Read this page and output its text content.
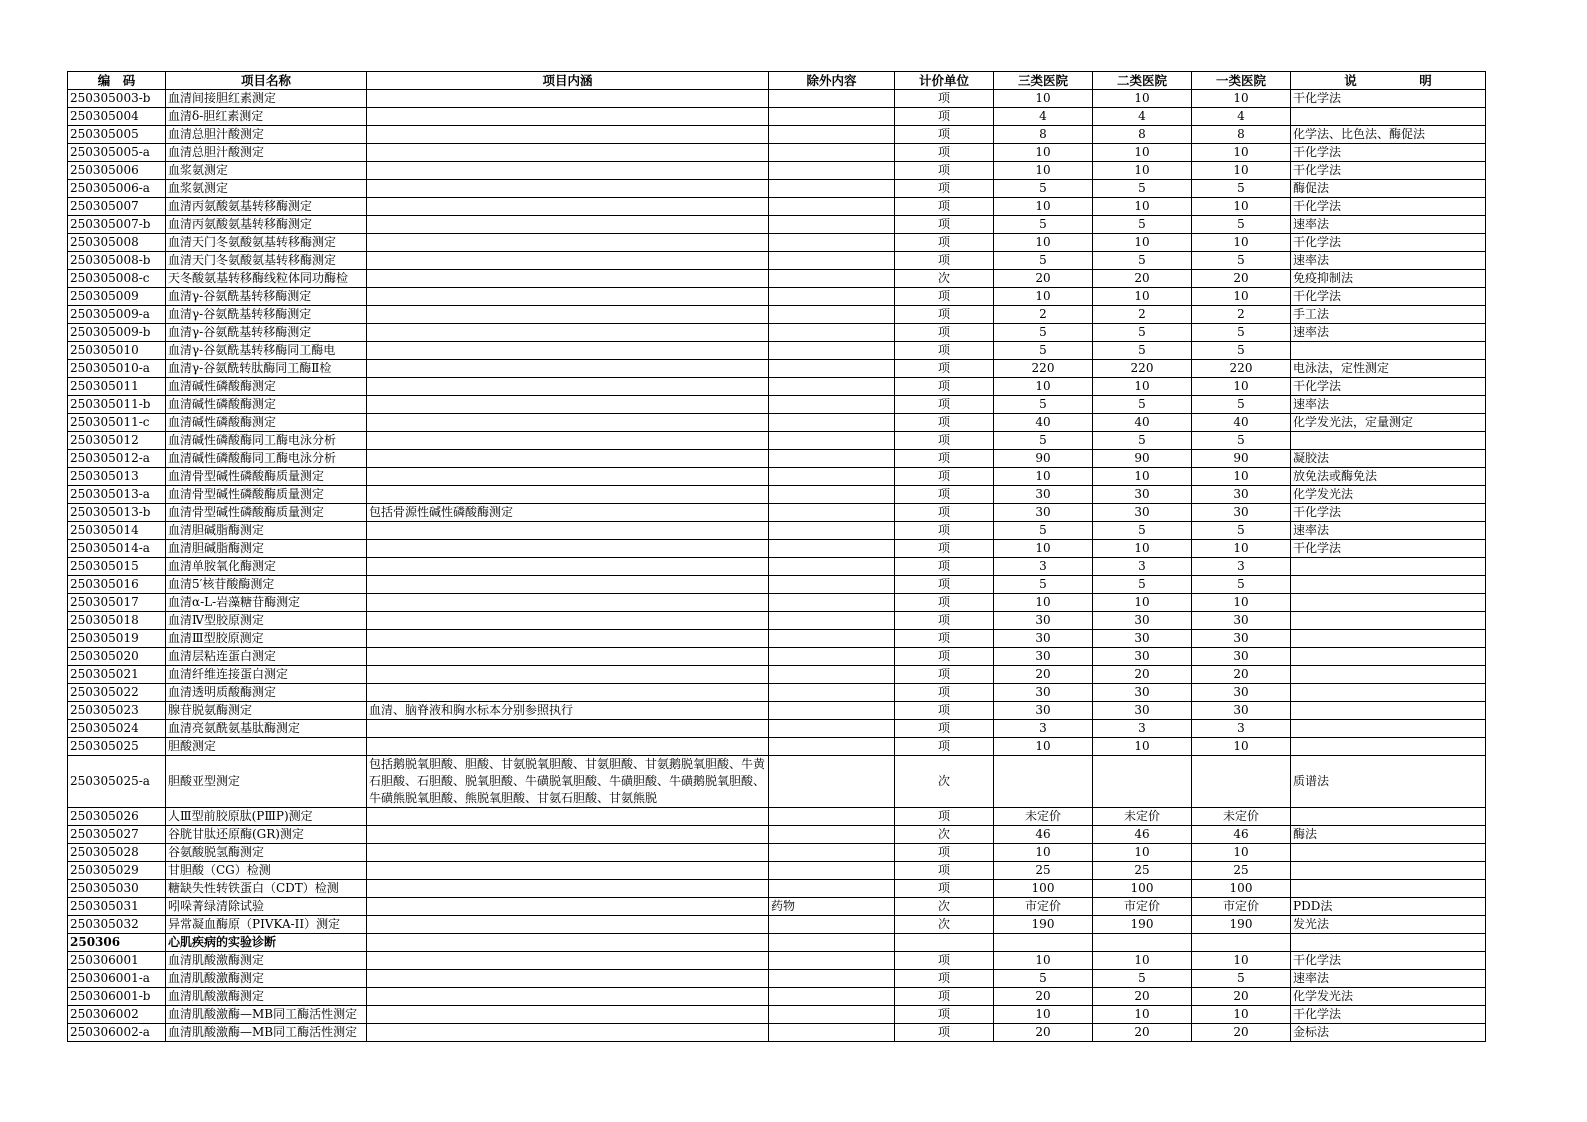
编　码	项目名称	项目内涵	除外内容	计价单位	三类医院	二类医院	一类医院	说　　　　　明
250305003-b	血清间接胆红素测定			项	10	10	10	干化学法
250305004	血清δ-胆红素测定			项	4	4	4	
250305005	血清总胆汁酸测定			项	8	8	8	化学法、比色法、酶促法
250305005-a	血清总胆汁酸测定			项	10	10	10	干化学法
250305006	血浆氨测定			项	10	10	10	干化学法
250305006-a	血浆氨测定			项	5	5	5	酶促法
250305007	血清丙氨酸氨基转移酶测定			项	10	10	10	干化学法
250305007-b	血清丙氨酸氨基转移酶测定			项	5	5	5	速率法
250305008	血清天门冬氨酸氨基转移酶测定			项	10	10	10	干化学法
250305008-b	血清天门冬氨酸氨基转移酶测定			项	5	5	5	速率法
250305008-c	天冬酸氨基转移酶线粒体同功酶检			次	20	20	20	免疫抑制法
250305009	血清γ-谷氨酰基转移酶测定			项	10	10	10	干化学法
250305009-a	血清γ-谷氨酰基转移酶测定			项	2	2	2	手工法
250305009-b	血清γ-谷氨酰基转移酶测定			项	5	5	5	速率法
250305010	血清γ-谷氨酰基转移酶同工酶电			项	5	5	5	
250305010-a	血清γ-谷氨酰转肽酶同工酶Ⅱ检			项	220	220	220	电泳法，定性测定
250305011	血清碱性磷酸酶测定			项	10	10	10	干化学法
250305011-b	血清碱性磷酸酶测定			项	5	5	5	速率法
250305011-c	血清碱性磷酸酶测定			项	40	40	40	化学发光法，定量测定
250305012	血清碱性磷酸酶同工酶电泳分析			项	5	5	5	
250305012-a	血清碱性磷酸酶同工酶电泳分析			项	90	90	90	凝胶法
250305013	血清骨型碱性磷酸酶质量测定			项	10	10	10	放免法或酶免法
250305013-a	血清骨型碱性磷酸酶质量测定			项	30	30	30	化学发光法
250305013-b	血清骨型碱性磷酸酶质量测定	包括骨源性碱性磷酸酶测定		项	30	30	30	干化学法
250305014	血清胆碱脂酶测定			项	5	5	5	速率法
250305014-a	血清胆碱脂酶测定			项	10	10	10	干化学法
250305015	血清单胺氧化酶测定			项	3	3	3	
250305016	血清5′核苷酸酶测定			项	5	5	5	
250305017	血清α-L-岩藻糖苷酶测定			项	10	10	10	
250305018	血清Ⅳ型胶原测定			项	30	30	30	
250305019	血清Ⅲ型胶原测定			项	30	30	30	
250305020	血清层粘连蛋白测定			项	30	30	30	
250305021	血清纤维连接蛋白测定			项	20	20	20	
250305022	血清透明质酸酶测定			项	30	30	30	
250305023	腺苷脱氨酶测定	血清、脑脊液和胸水标本分别参照执行		项	30	30	30	
250305024	血清亮氨酰氨基肽酶测定			项	3	3	3	
250305025	胆酸测定			项	10	10	10	
250305025-a	胆酸亚型测定	包括鹅脱氧胆酸、胆酸、甘氨脱氧胆酸、甘氨胆酸、甘氨鹅脱氧胆酸、牛黄石胆酸、石胆酸、脱氧胆酸、牛磺脱氧胆酸、牛磺胆酸、牛磺鹅脱氧胆酸、牛磺熊脱氧胆酸、熊脱氧胆酸、甘氨石胆酸、甘氨熊脱		次				质谱法
250305026	人Ⅲ型前胶原肽(PⅢP)测定			项	未定价	未定价	未定价	
250305027	谷胱甘肽还原酶(GR)测定			次	46	46	46	酶法
250305028	谷氨酸脱氢酶测定			项	10	10	10	
250305029	甘胆酸（CG）检测			项	25	25	25	
250305030	糖缺失性转铁蛋白（CDT）检测			项	100	100	100	
250305031	吲哚菁绿清除试验		药物	次	市定价	市定价	市定价	PDD法
250305032	异常凝血酶原（PIVKA-II）测定			次	190	190	190	发光法
250306	心肌疾病的实验诊断							
250306001	血清肌酸激酶测定			项	10	10	10	干化学法
250306001-a	血清肌酸激酶测定			项	5	5	5	速率法
250306001-b	血清肌酸激酶测定			项	20	20	20	化学发光法
250306002	血清肌酸激酶—MB同工酶活性测定			项	10	10	10	干化学法
250306002-a	血清肌酸激酶—MB同工酶活性测定			项	20	20	20	金标法
